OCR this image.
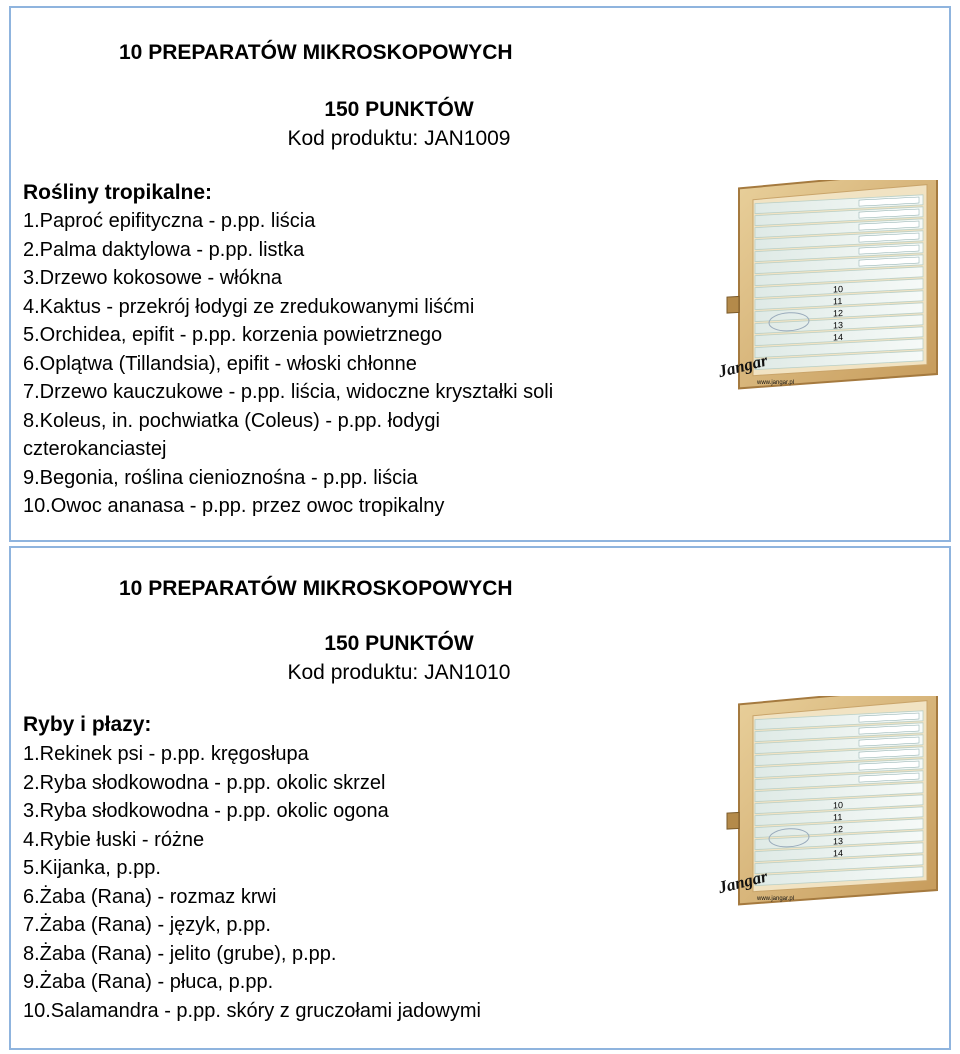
10 PREPARATÓW MIKROSKOPOWYCH
150 PUNKTÓW
Kod produktu: JAN1009
Rośliny tropikalne:
1.Paproć epifityczna - p.pp. liścia
2.Palma daktylowa - p.pp. listka
3.Drzewo kokosowe - włókna
4.Kaktus - przekrój łodygi ze zredukowanymi liśćmi
5.Orchidea, epifit - p.pp. korzenia powietrznego
6.Oplątwa (Tillandsia), epifit - włoski chłonne
7.Drzewo kauczukowe - p.pp. liścia, widoczne kryształki soli
8.Koleus, in. pochwiatka (Coleus) - p.pp. łodygi
czterokanciastej
9.Begonia, roślina cienioznośna - p.pp. liścia
10.Owoc ananasa - p.pp. przez owoc tropikalny
10
11
12
13
14
Jangar
www.jangar.pl
10 PREPARATÓW MIKROSKOPOWYCH
150 PUNKTÓW
Kod produktu: JAN1010
Ryby i płazy:
1.Rekinek psi - p.pp. kręgosłupa
2.Ryba słodkowodna - p.pp. okolic skrzel
3.Ryba słodkowodna - p.pp. okolic ogona
4.Rybie łuski - różne
5.Kijanka, p.pp.
6.Żaba (Rana) - rozmaz krwi
7.Żaba (Rana) - język, p.pp.
8.Żaba (Rana) - jelito (grube), p.pp.
9.Żaba (Rana) - płuca, p.pp.
10.Salamandra - p.pp. skóry z gruczołami jadowymi
10
11
12
13
14
Jangar
www.jangar.pl
